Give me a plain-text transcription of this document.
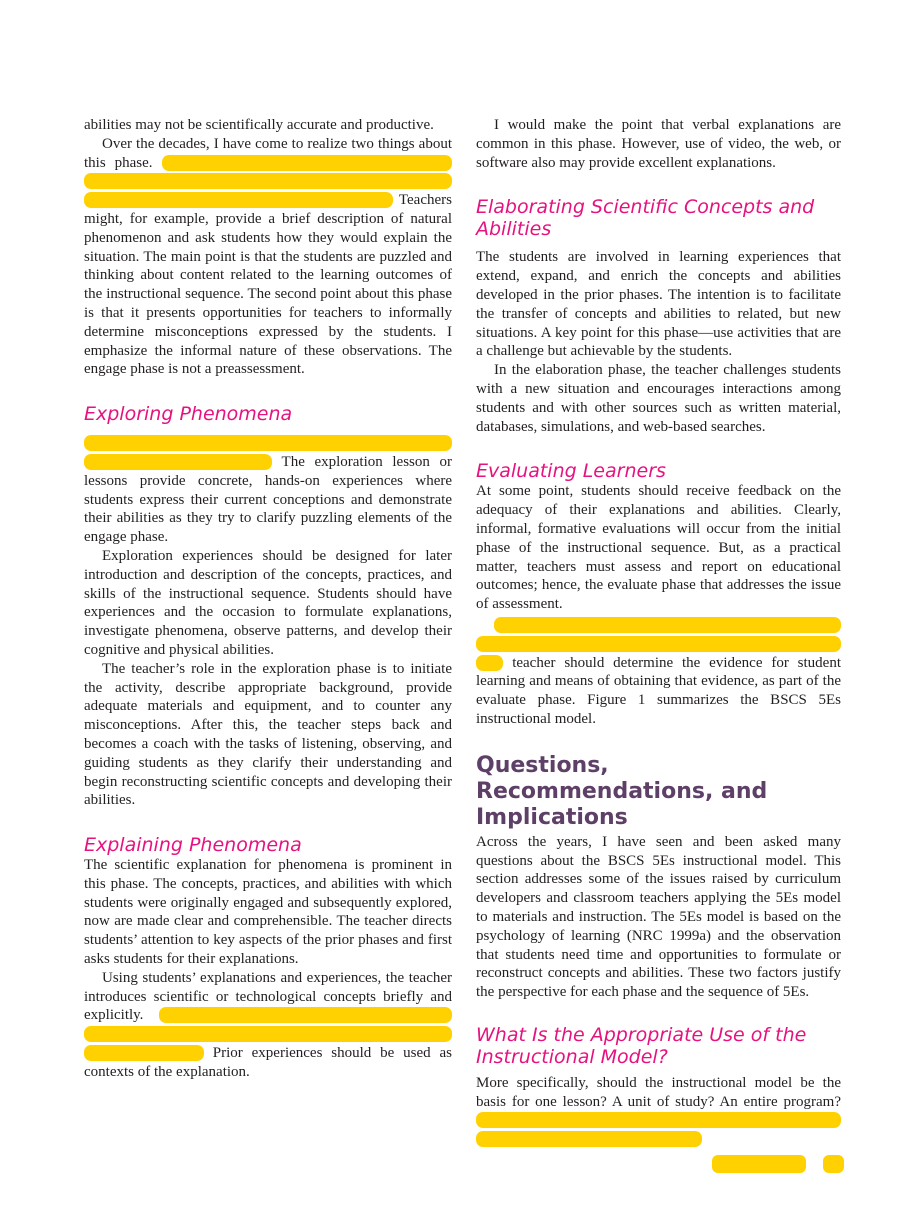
abilities may not be scientifically accurate and productive.

Over the decades, I have come to realize two things about this phase. Teachers might, for example, provide a brief description of natural phenomenon and ask students how they would explain the situation. The main point is that the students are puzzled and thinking about content related to the learning outcomes of the instructional sequence. The second point about this phase is that it presents opportunities for teachers to informally determine misconceptions expressed by the students. I emphasize the informal nature of these observations. The engage phase is not a preassessment.

Exploring Phenomena

The exploration lesson or lessons provide concrete, hands-on experiences where students express their current conceptions and demonstrate their abilities as they try to clarify puzzling elements of the engage phase.

Exploration experiences should be designed for later introduction and description of the concepts, practices, and skills of the instructional sequence. Students should have experiences and the occasion to formulate explanations, investigate phenomena, observe patterns, and develop their cognitive and physical abilities.

The teacher’s role in the exploration phase is to initiate the activity, describe appropriate background, provide adequate materials and equipment, and to counter any misconceptions. After this, the teacher steps back and becomes a coach with the tasks of listening, observing, and guiding students as they clarify their understanding and begin reconstructing scientific concepts and developing their abilities.

Explaining Phenomena

The scientific explanation for phenomena is prominent in this phase. The concepts, practices, and abilities with which students were originally engaged and subsequently explored, now are made clear and comprehensible. The teacher directs students’ attention to key aspects of the prior phases and first asks students for their explanations.

Using students’ explanations and experiences, the teacher introduces scientific or technological concepts briefly and explicitly. Prior experiences should be used as contexts of the explanation.

I would make the point that verbal explanations are common in this phase. However, use of video, the web, or software also may provide excellent explanations.

Elaborating Scientific Concepts and Abilities

The students are involved in learning experiences that extend, expand, and enrich the concepts and abilities developed in the prior phases. The intention is to facilitate the transfer of concepts and abilities to related, but new situations. A key point for this phase—use activities that are a challenge but achievable by the students.

In the elaboration phase, the teacher challenges students with a new situation and encourages interactions among students and with other sources such as written material, databases, simulations, and web-based searches.

Evaluating Learners

At some point, students should receive feedback on the adequacy of their explanations and abilities. Clearly, informal, formative evaluations will occur from the initial phase of the instructional sequence. But, as a practical matter, teachers must assess and report on educational outcomes; hence, the evaluate phase that addresses the issue of assessment.

teacher should determine the evidence for student learning and means of obtaining that evidence, as part of the evaluate phase. Figure 1 summarizes the BSCS 5Es instructional model.

Questions, Recommendations, and Implications

Across the years, I have seen and been asked many questions about the BSCS 5Es instructional model. This section addresses some of the issues raised by curriculum developers and classroom teachers applying the 5Es model to materials and instruction. The 5Es model is based on the psychology of learning (NRC 1999a) and the observation that students need time and opportunities to formulate or reconstruct concepts and abilities. These two factors justify the perspective for each phase and the sequence of 5Es.

What Is the Appropriate Use of the Instructional Model?

More specifically, should the instructional model be the basis for one lesson? A unit of study? An entire program?
